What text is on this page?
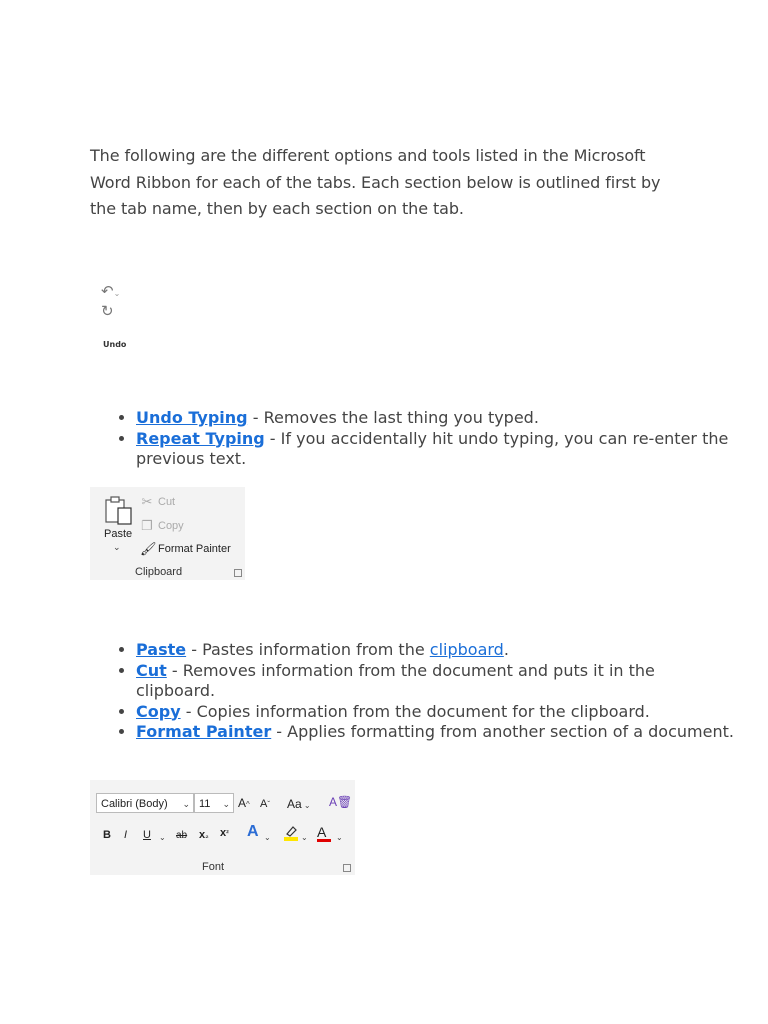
The following are the different options and tools listed in the Microsoft Word Ribbon for each of the tabs. Each section below is outlined first by the tab name, then by each section on the tab.

↶⌄
↻
Undo
• Undo Typing - Removes the last thing you typed.
• Repeat Typing - If you accidentally hit undo typing, you can re-enter the previous text.
Paste
⌄
✂ Cut
❐ Copy
🖌 Format Painter
Clipboard
• Paste - Pastes information from the clipboard.
• Cut - Removes information from the document and puts it in the clipboard.
• Copy - Copies information from the document for the clipboard.
• Format Painter - Applies formatting from another section of a document.
Calibri (Body) ⌄ 11 ⌄ A^ Aˇ Aa ⌄ A🗑
B I U ⌄ ab x₂ x² A ⌄	⌄ A	⌄
Font
